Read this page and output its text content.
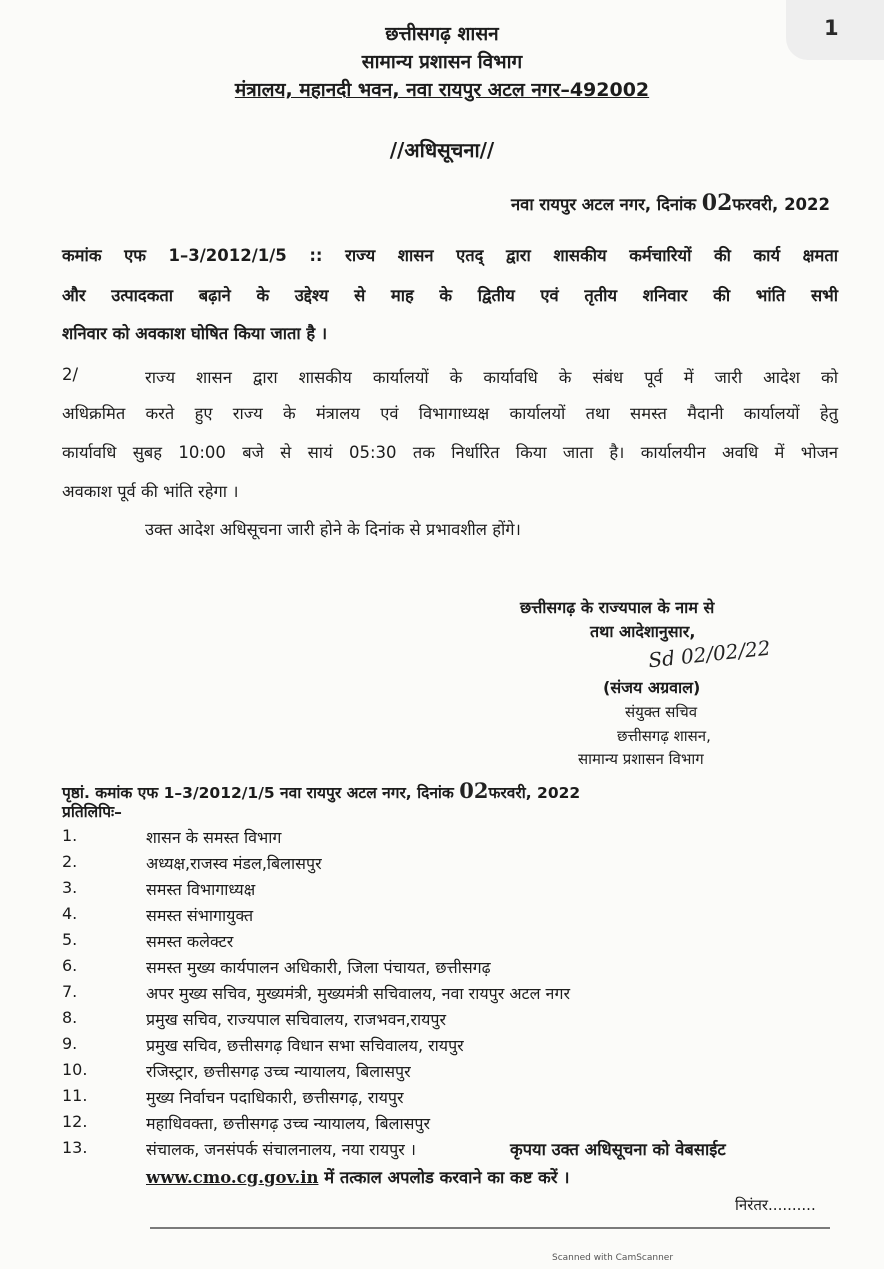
1
छत्तीसगढ़ शासन
सामान्य प्रशासन विभाग
मंत्रालय, महानदी भवन, नवा रायपुर अटल नगर–492002
//अधिसूचना//
नवा रायपुर अटल नगर, दिनांक 02फरवरी, 2022
कमांक एफ 1–3/2012/1/5 :: राज्य शासन एतद् द्वारा शासकीय कर्मचारियों की कार्य क्षमता
और उत्पादकता बढ़ाने के उद्देश्य से माह के द्वितीय एवं तृतीय शनिवार की भांति सभी
शनिवार को अवकाश घोषित किया जाता है ।
2/	राज्य शासन द्वारा शासकीय कार्यालयों के कार्यावधि के संबंध पूर्व में जारी आदेश को
अधिक्रमित करते हुए राज्य के मंत्रालय एवं विभागाध्यक्ष कार्यालयों तथा समस्त मैदानी कार्यालयों हेतु
कार्यावधि सुबह 10:00 बजे से सायं 05:30 तक निर्धारित किया जाता है। कार्यालयीन अवधि में भोजन
अवकाश पूर्व की भांति रहेगा ।
उक्त आदेश अधिसूचना जारी होने के दिनांक से प्रभावशील होंगे।
छत्तीसगढ़ के राज्यपाल के नाम से
तथा आदेशानुसार,
Sd 02/02/22
(संजय अग्रवाल)
संयुक्त सचिव
छत्तीसगढ़ शासन,
सामान्य प्रशासन विभाग
पृष्ठां. कमांक एफ 1–3/2012/1/5 नवा रायपुर अटल नगर, दिनांक 02फरवरी, 2022
प्रतिलिपिः–
1.	शासन के समस्त विभाग
2.	अध्यक्ष,राजस्व मंडल,बिलासपुर
3.	समस्त विभागाध्यक्ष
4.	समस्त संभागायुक्त
5.	समस्त कलेक्टर
6.	समस्त मुख्य कार्यपालन अधिकारी, जिला पंचायत, छत्तीसगढ़
7.	अपर मुख्य सचिव, मुख्यमंत्री, मुख्यमंत्री सचिवालय, नवा रायपुर अटल नगर
8.	प्रमुख सचिव, राज्यपाल सचिवालय, राजभवन,रायपुर
9.	प्रमुख सचिव, छत्तीसगढ़ विधान सभा सचिवालय, रायपुर
10.	रजिस्ट्रार, छत्तीसगढ़ उच्च न्यायालय, बिलासपुर
11.	मुख्य निर्वाचन पदाधिकारी, छत्तीसगढ़, रायपुर
12.	महाधिवक्ता, छत्तीसगढ़ उच्च न्यायालय, बिलासपुर
13.	संचालक, जनसंपर्क संचालनालय, नया रायपुर ।	कृपया उक्त अधिसूचना को वेबसाईट
www.cmo.cg.gov.in में तत्काल अपलोड करवाने का कष्ट करें ।
निरंतर..........
Scanned with CamScanner
